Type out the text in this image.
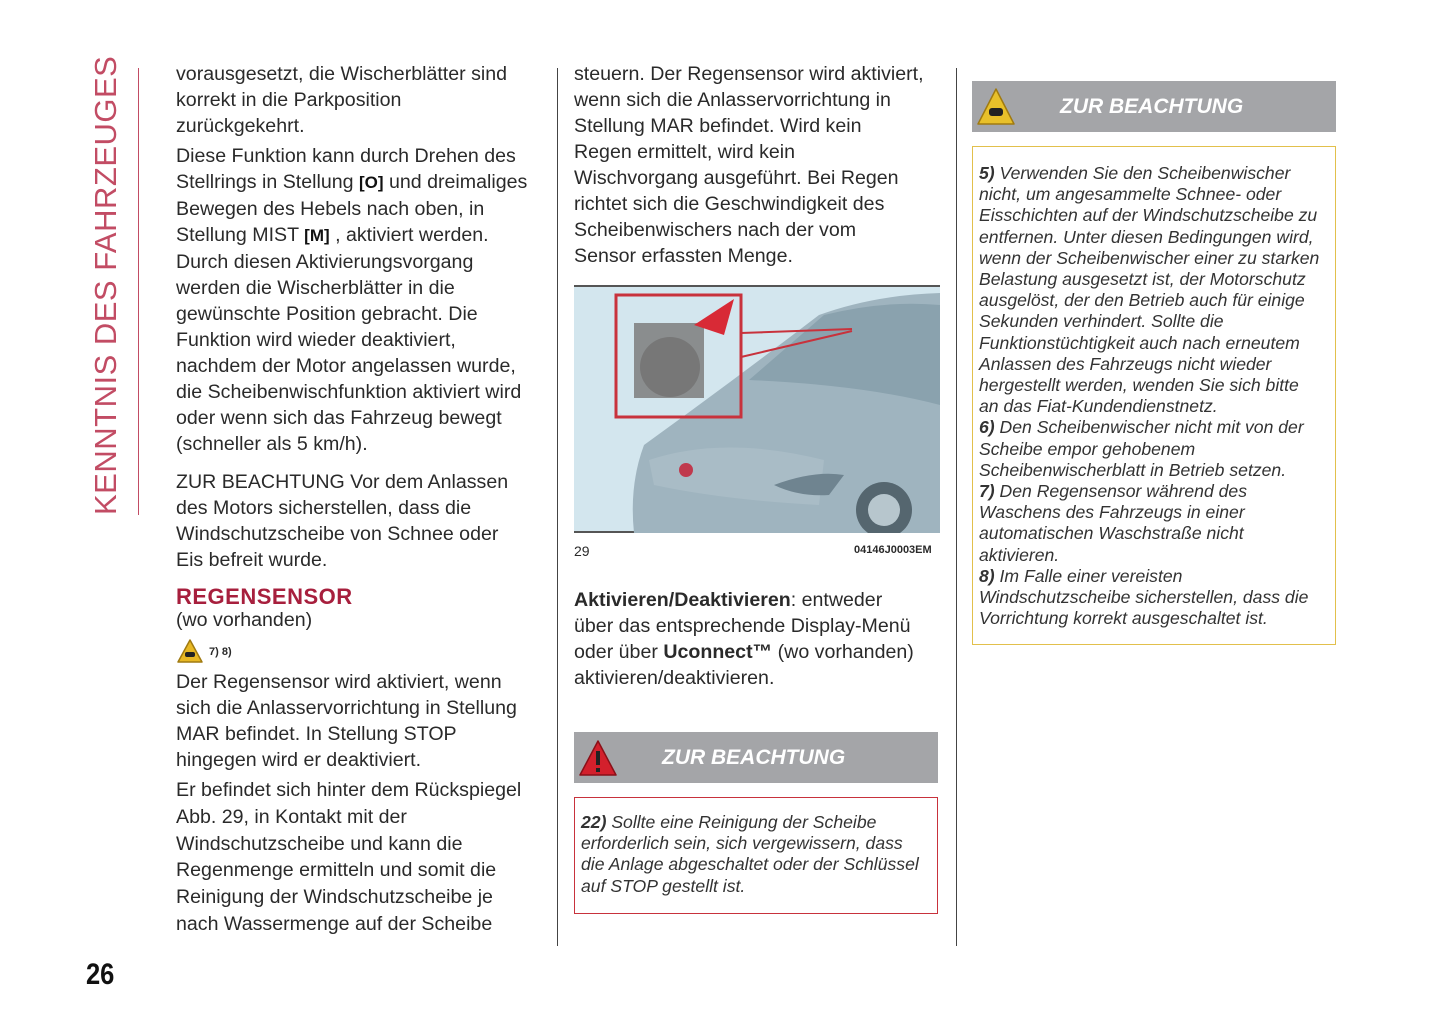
KENNTNIS DES FAHRZEUGES	vorausgesetzt, die Wischerblätter sind
korrekt in die Parkposition
zurückgekehrt.
Diese Funktion kann durch Drehen des
Stellrings in Stellung [O] und dreimaliges
Bewegen des Hebels nach oben, in
Stellung MIST [M] , aktiviert werden.
Durch diesen Aktivierungsvorgang
werden die Wischerblätter in die
gewünschte Position gebracht. Die
Funktion wird wieder deaktiviert,
nachdem der Motor angelassen wurde,
die Scheibenwischfunktion aktiviert wird
oder wenn sich das Fahrzeug bewegt
(schneller als 5 km/h).
ZUR BEACHTUNG Vor dem Anlassen
des Motors sicherstellen, dass die
Windschutzscheibe von Schnee oder
Eis befreit wurde.
REGENSENSOR
(wo vorhanden)
7) 8)
Der Regensensor wird aktiviert, wenn
sich die Anlasservorrichtung in Stellung
MAR befindet. In Stellung STOP
hingegen wird er deaktiviert.
Er befindet sich hinter dem Rückspiegel
Abb. 29, in Kontakt mit der
Windschutzscheibe und kann die
Regenmenge ermitteln und somit die
Reinigung der Windschutzscheibe je
nach Wassermenge auf der Scheibe
steuern. Der Regensensor wird aktiviert,
wenn sich die Anlasservorrichtung in
Stellung MAR befindet. Wird kein
Regen ermittelt, wird kein
Wischvorgang ausgeführt. Bei Regen
richtet sich die Geschwindigkeit des
Scheibenwischers nach der vom
Sensor erfassten Menge.
29	04146J0003EM
Aktivieren/Deaktivieren: entweder
über das entsprechende Display-Menü
oder über Uconnect™ (wo vorhanden)
aktivieren/deaktivieren.
ZUR BEACHTUNG
22) Sollte eine Reinigung der Scheibe
erforderlich sein, sich vergewissern, dass
die Anlage abgeschaltet oder der Schlüssel
auf STOP gestellt ist.
ZUR BEACHTUNG
5) Verwenden Sie den Scheibenwischer
nicht, um angesammelte Schnee- oder
Eisschichten auf der Windschutzscheibe zu
entfernen. Unter diesen Bedingungen wird,
wenn der Scheibenwischer einer zu starken
Belastung ausgesetzt ist, der Motorschutz
ausgelöst, der den Betrieb auch für einige
Sekunden verhindert. Sollte die
Funktionstüchtigkeit auch nach erneutem
Anlassen des Fahrzeugs nicht wieder
hergestellt werden, wenden Sie sich bitte
an das Fiat-Kundendienstnetz.
6) Den Scheibenwischer nicht mit von der
Scheibe empor gehobenem
Scheibenwischerblatt in Betrieb setzen.
7) Den Regensensor während des
Waschens des Fahrzeugs in einer
automatischen Waschstraße nicht
aktivieren.
8) Im Falle einer vereisten
Windschutzscheibe sicherstellen, dass die
Vorrichtung korrekt ausgeschaltet ist.
26
